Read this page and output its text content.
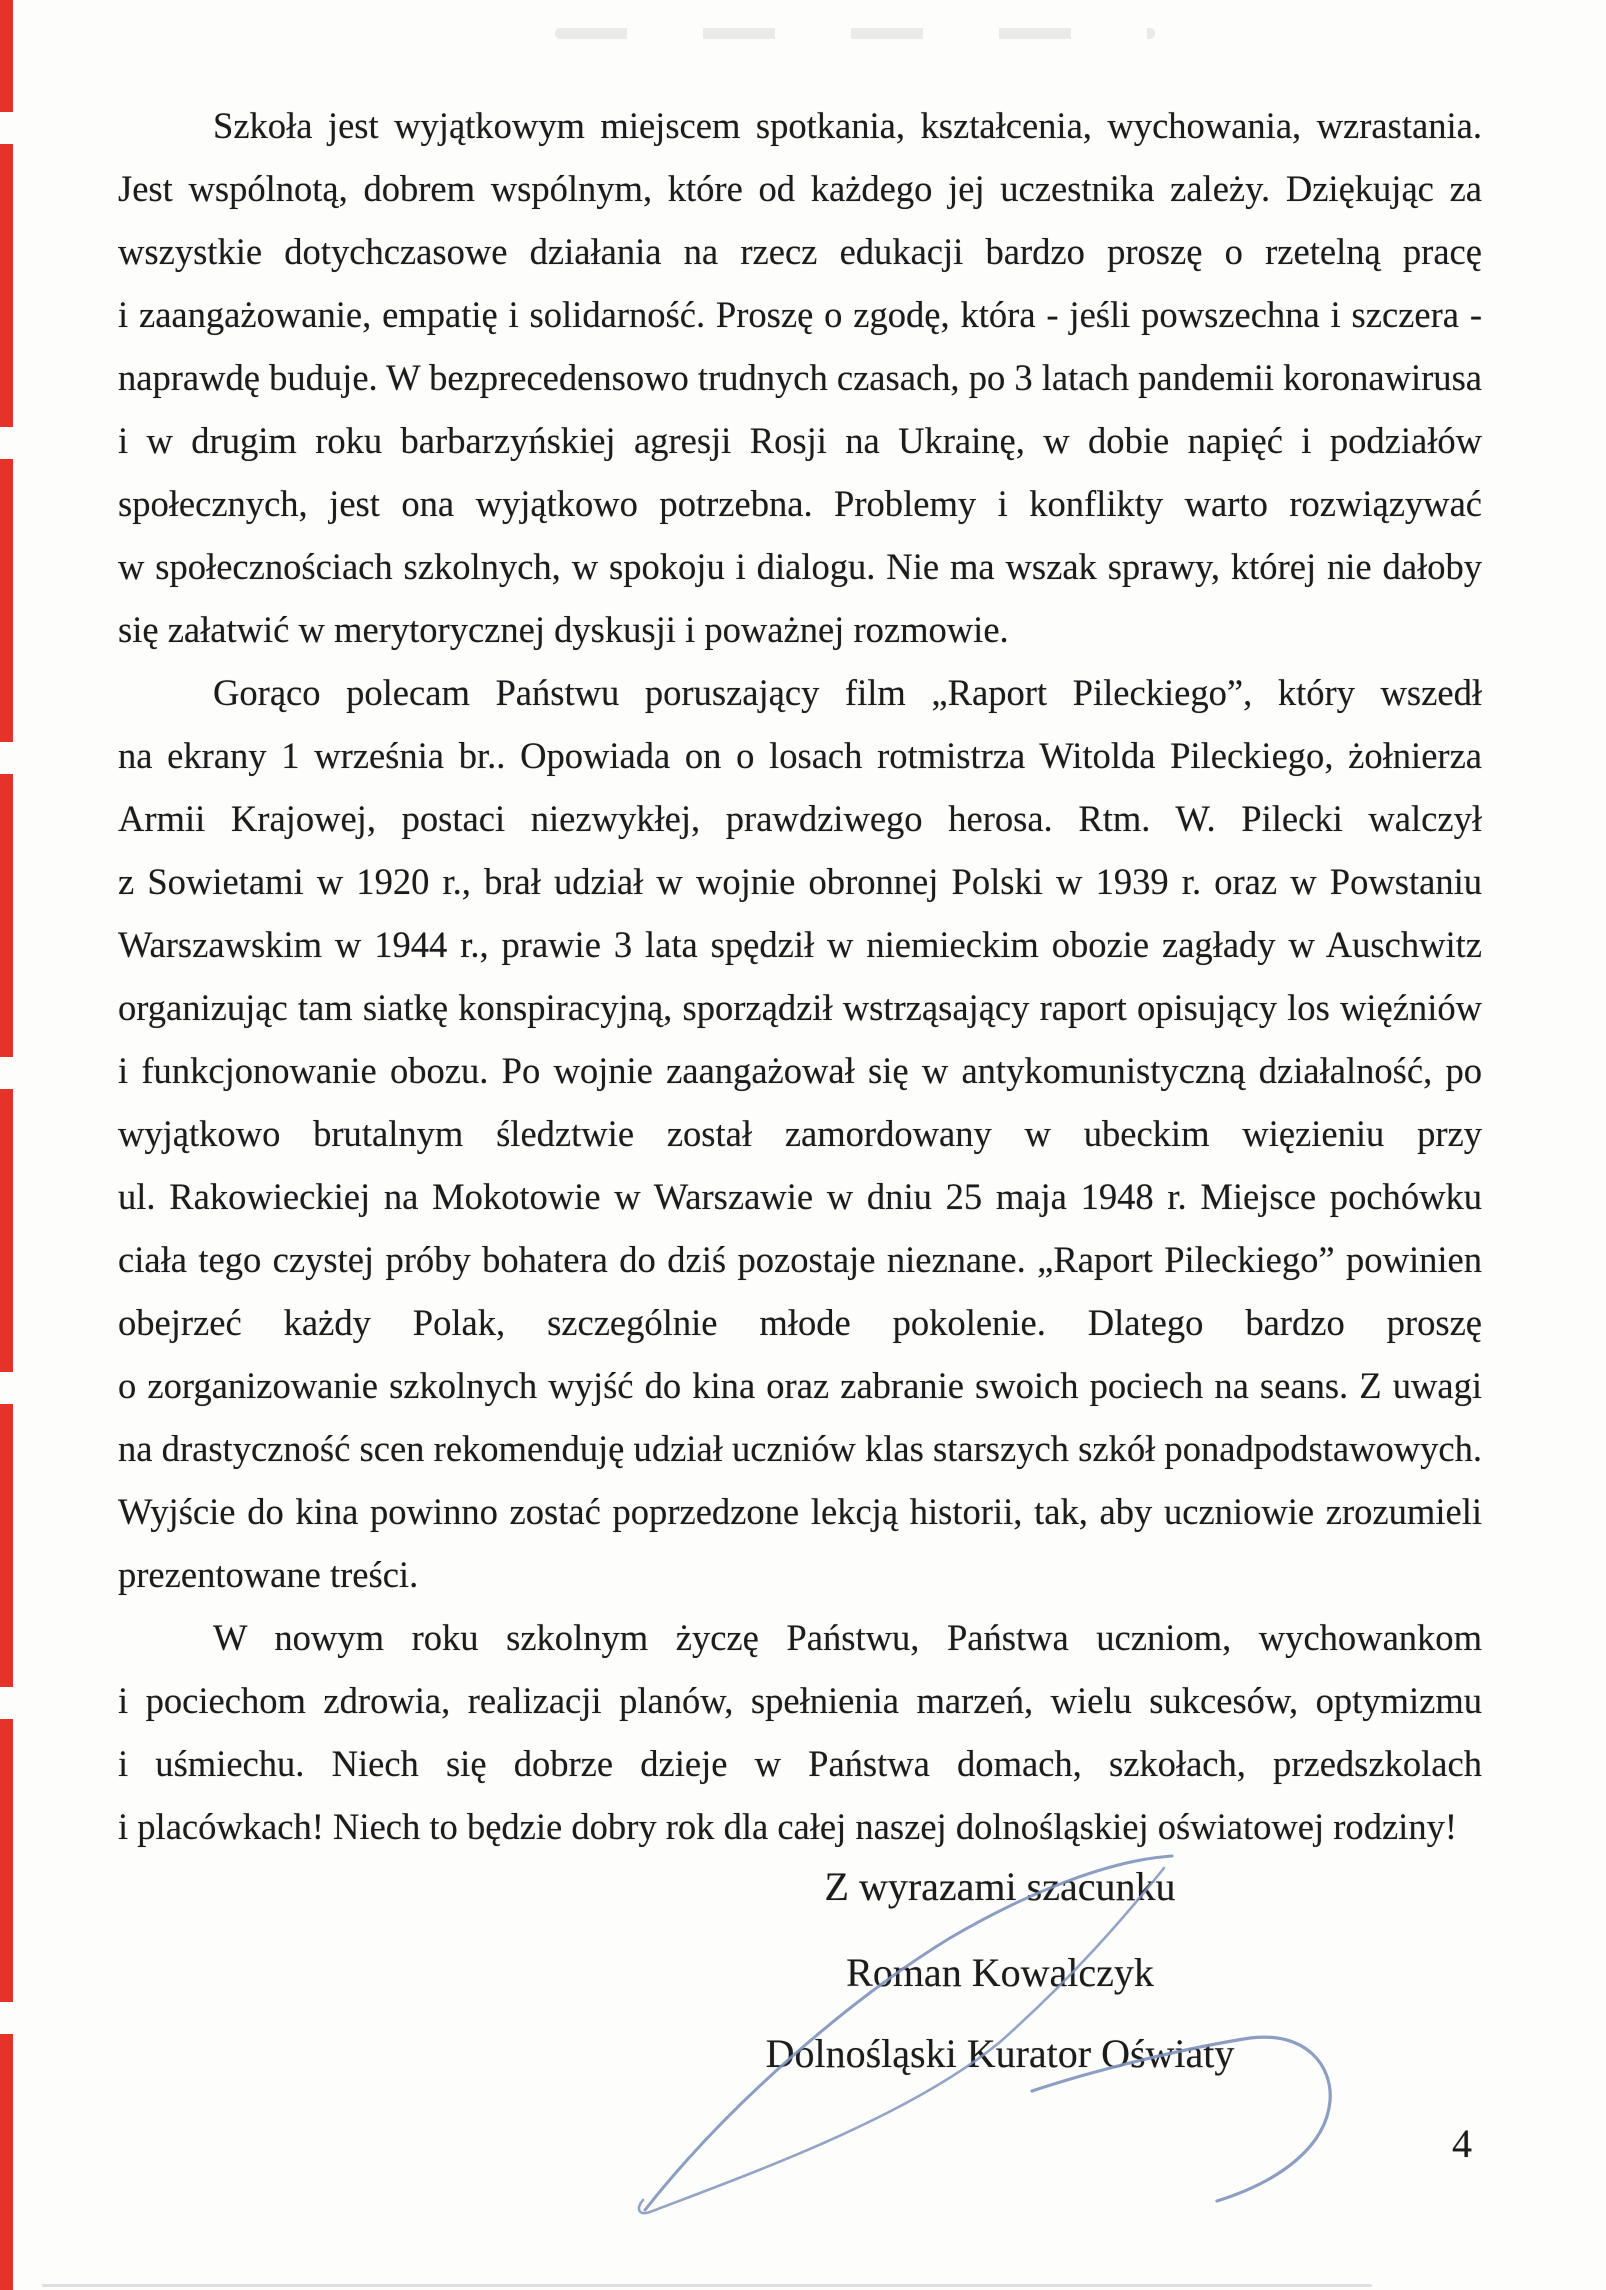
Szkoła jest wyjątkowym miejscem spotkania, kształcenia, wychowania, wzrastania.
Jest wspólnotą, dobrem wspólnym, które od każdego jej uczestnika zależy. Dziękując za
wszystkie dotychczasowe działania na rzecz edukacji bardzo proszę o rzetelną pracę
i zaangażowanie, empatię i solidarność. Proszę o zgodę, która - jeśli powszechna i szczera -
naprawdę buduje. W bezprecedensowo trudnych czasach, po 3 latach pandemii koronawirusa
i w drugim roku barbarzyńskiej agresji Rosji na Ukrainę, w dobie napięć i podziałów
społecznych, jest ona wyjątkowo potrzebna. Problemy i konflikty warto rozwiązywać
w społecznościach szkolnych, w spokoju i dialogu. Nie ma wszak sprawy, której nie dałoby
się załatwić w merytorycznej dyskusji i poważnej rozmowie.
Gorąco polecam Państwu poruszający film „Raport Pileckiego”, który wszedł
na ekrany 1 września br.. Opowiada on o losach rotmistrza Witolda Pileckiego, żołnierza
Armii Krajowej, postaci niezwykłej, prawdziwego herosa. Rtm. W. Pilecki walczył
z Sowietami w 1920 r., brał udział w wojnie obronnej Polski w 1939 r. oraz w Powstaniu
Warszawskim w 1944 r., prawie 3 lata spędził w niemieckim obozie zagłady w Auschwitz
organizując tam siatkę konspiracyjną, sporządził wstrząsający raport opisujący los więźniów
i funkcjonowanie obozu. Po wojnie zaangażował się w antykomunistyczną działalność, po
wyjątkowo brutalnym śledztwie został zamordowany w ubeckim więzieniu przy
ul. Rakowieckiej na Mokotowie w Warszawie w dniu 25 maja 1948 r. Miejsce pochówku
ciała tego czystej próby bohatera do dziś pozostaje nieznane. „Raport Pileckiego” powinien
obejrzeć każdy Polak, szczególnie młode pokolenie. Dlatego bardzo proszę
o zorganizowanie szkolnych wyjść do kina oraz zabranie swoich pociech na seans. Z uwagi
na drastyczność scen rekomenduję udział uczniów klas starszych szkół ponadpodstawowych.
Wyjście do kina powinno zostać poprzedzone lekcją historii, tak, aby uczniowie zrozumieli
prezentowane treści.
W nowym roku szkolnym życzę Państwu, Państwa uczniom, wychowankom
i pociechom zdrowia, realizacji planów, spełnienia marzeń, wielu sukcesów, optymizmu
i uśmiechu. Niech się dobrze dzieje w Państwa domach, szkołach, przedszkolach
i placówkach! Niech to będzie dobry rok dla całej naszej dolnośląskiej oświatowej rodziny!
Z wyrazami szacunku
Roman Kowalczyk
Dolnośląski Kurator Oświaty
4
